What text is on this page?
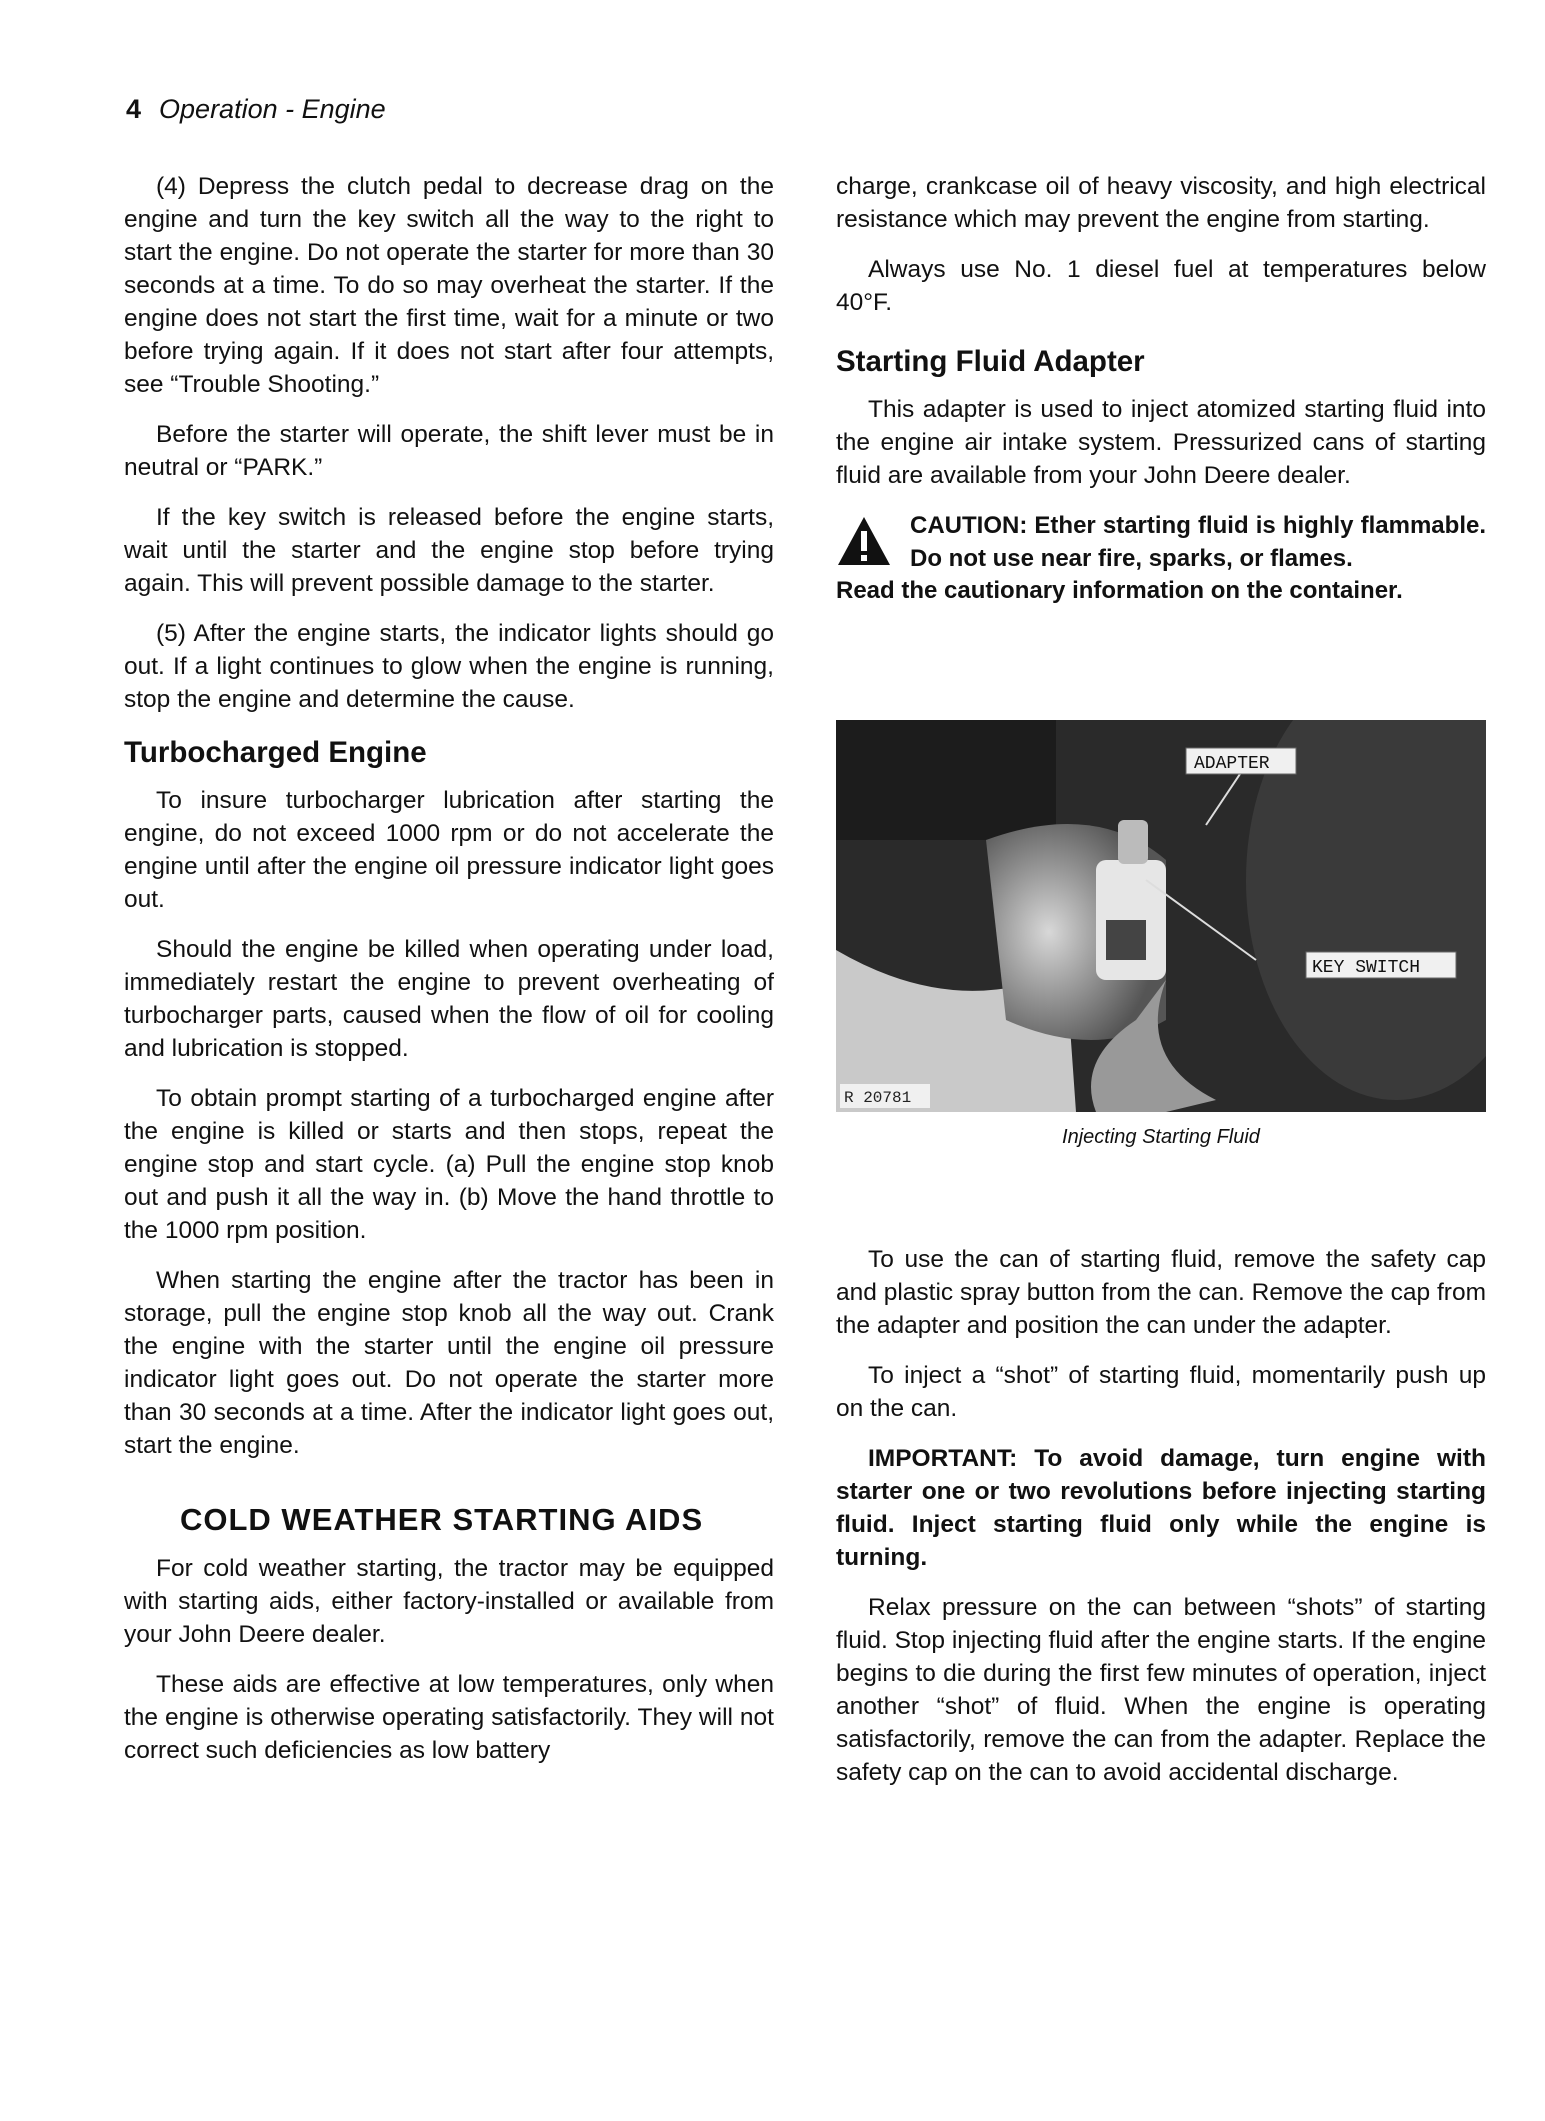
4 Operation - Engine

(4) Depress the clutch pedal to decrease drag on the engine and turn the key switch all the way to the right to start the engine. Do not operate the starter for more than 30 seconds at a time. To do so may overheat the starter. If the engine does not start the first time, wait for a minute or two before trying again. If it does not start after four attempts, see “Trouble Shooting.”

Before the starter will operate, the shift lever must be in neutral or “PARK.”

If the key switch is released before the engine starts, wait until the starter and the engine stop before trying again. This will prevent possible damage to the starter.

(5) After the engine starts, the indicator lights should go out. If a light continues to glow when the engine is running, stop the engine and determine the cause.

Turbocharged Engine

To insure turbocharger lubrication after starting the engine, do not exceed 1000 rpm or do not accelerate the engine until after the engine oil pressure indicator light goes out.

Should the engine be killed when operating under load, immediately restart the engine to prevent overheating of turbocharger parts, caused when the flow of oil for cooling and lubrication is stopped.

To obtain prompt starting of a turbocharged engine after the engine is killed or starts and then stops, repeat the engine stop and start cycle. (a) Pull the engine stop knob out and push it all the way in. (b) Move the hand throttle to the 1000 rpm position.

When starting the engine after the tractor has been in storage, pull the engine stop knob all the way out. Crank the engine with the starter until the engine oil pressure indicator light goes out. Do not operate the starter more than 30 seconds at a time. After the indicator light goes out, start the engine.

COLD WEATHER STARTING AIDS

For cold weather starting, the tractor may be equipped with starting aids, either factory-installed or available from your John Deere dealer.

These aids are effective at low temperatures, only when the engine is otherwise operating satisfactorily. They will not correct such deficiencies as low battery

charge, crankcase oil of heavy viscosity, and high electrical resistance which may prevent the engine from starting.

Always use No. 1 diesel fuel at temperatures below 40°F.

Starting Fluid Adapter

This adapter is used to inject atomized starting fluid into the engine air intake system. Pressurized cans of starting fluid are available from your John Deere dealer.

CAUTION: Ether starting fluid is highly flammable. Do not use near fire, sparks, or flames.
Read the cautionary information on the container.
ADAPTER
KEY SWITCH
R 20781
Injecting Starting Fluid

To use the can of starting fluid, remove the safety cap and plastic spray button from the can. Remove the cap from the adapter and position the can under the adapter.

To inject a “shot” of starting fluid, momentarily push up on the can.

IMPORTANT: To avoid damage, turn engine with starter one or two revolutions before injecting starting fluid. Inject starting fluid only while the engine is turning.

Relax pressure on the can between “shots” of starting fluid. Stop injecting fluid after the engine starts. If the engine begins to die during the first few minutes of operation, inject another “shot” of fluid. When the engine is operating satisfactorily, remove the can from the adapter. Replace the safety cap on the can to avoid accidental discharge.
